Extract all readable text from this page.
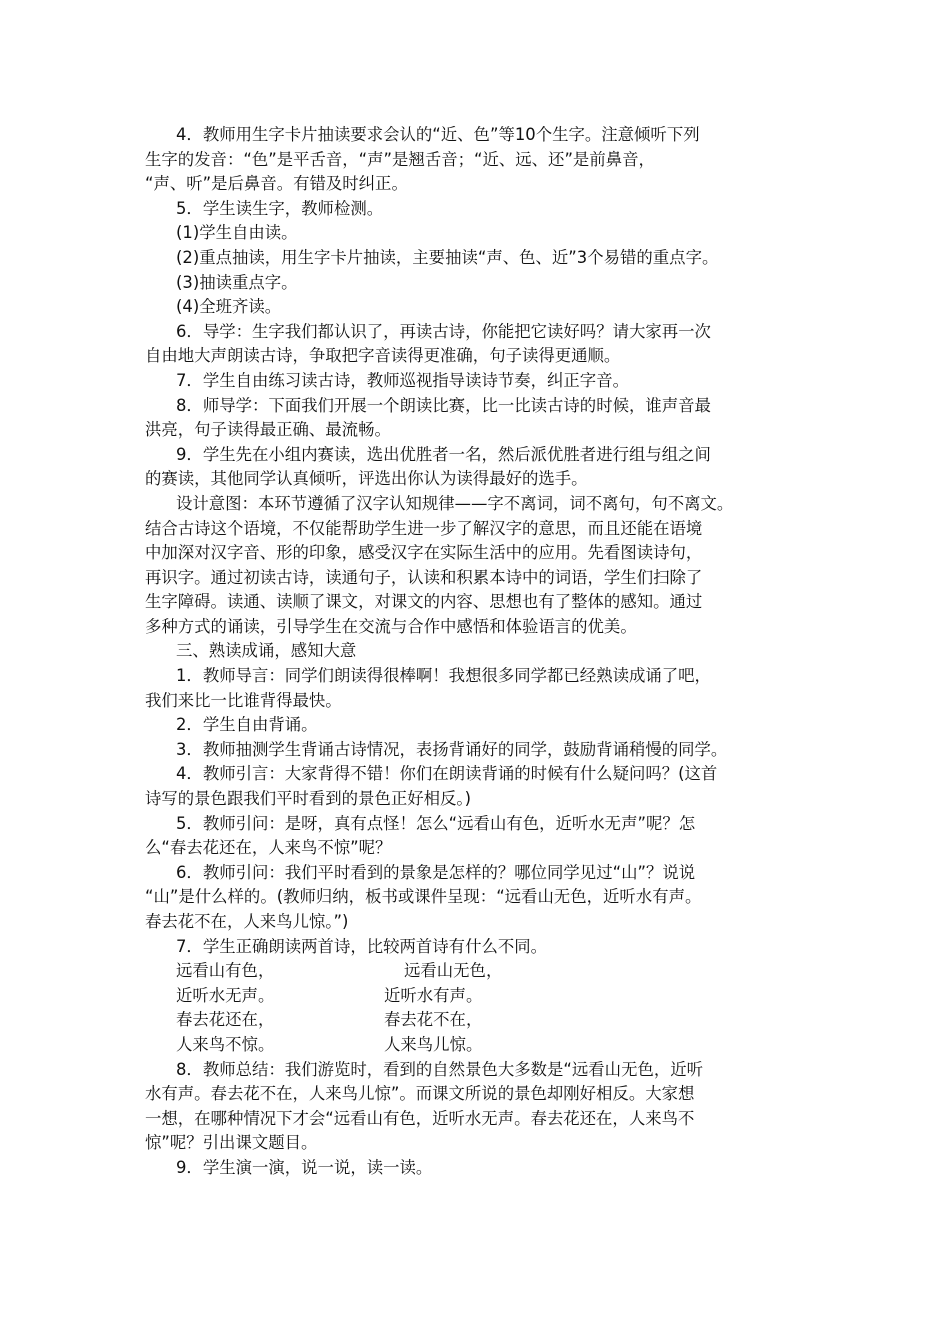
4．教师用生字卡片抽读要求会认的“近、色”等10个生字。注意倾听下列
生字的发音：“色”是平舌音，“声”是翘舌音；“近、远、还”是前鼻音，
“声、听”是后鼻音。有错及时纠正。
5．学生读生字，教师检测。
(1)学生自由读。
(2)重点抽读，用生字卡片抽读，主要抽读“声、色、近”3个易错的重点字。
(3)抽读重点字。
(4)全班齐读。
6．导学：生字我们都认识了，再读古诗，你能把它读好吗？请大家再一次
自由地大声朗读古诗，争取把字音读得更准确，句子读得更通顺。
7．学生自由练习读古诗，教师巡视指导读诗节奏，纠正字音。
8．师导学：下面我们开展一个朗读比赛，比一比读古诗的时候，谁声音最
洪亮，句子读得最正确、最流畅。
9．学生先在小组内赛读，选出优胜者一名，然后派优胜者进行组与组之间
的赛读，其他同学认真倾听，评选出你认为读得最好的选手。
设计意图：本环节遵循了汉字认知规律——字不离词，词不离句，句不离文。
结合古诗这个语境，不仅能帮助学生进一步了解汉字的意思，而且还能在语境
中加深对汉字音、形的印象，感受汉字在实际生活中的应用。先看图读诗句，
再识字。通过初读古诗，读通句子，认读和积累本诗中的词语，学生们扫除了
生字障碍。读通、读顺了课文，对课文的内容、思想也有了整体的感知。通过
多种方式的诵读，引导学生在交流与合作中感悟和体验语言的优美。
三、熟读成诵，感知大意
1．教师导言：同学们朗读得很棒啊！我想很多同学都已经熟读成诵了吧，
我们来比一比谁背得最快。
2．学生自由背诵。
3．教师抽测学生背诵古诗情况，表扬背诵好的同学，鼓励背诵稍慢的同学。
4．教师引言：大家背得不错！你们在朗读背诵的时候有什么疑问吗？(这首
诗写的景色跟我们平时看到的景色正好相反。)
5．教师引问：是呀，真有点怪！怎么“远看山有色，近听水无声”呢？怎
么“春去花还在，人来鸟不惊”呢？
6．教师引问：我们平时看到的景象是怎样的？哪位同学见过“山”？说说
“山”是什么样的。(教师归纳，板书或课件呈现：“远看山无色，近听水有声。
春去花不在，人来鸟儿惊。”)
7．学生正确朗读两首诗，比较两首诗有什么不同。
远看山有色，	远看山无色，
近听水无声。	近听水有声。
春去花还在，	春去花不在，
人来鸟不惊。	人来鸟儿惊。
8．教师总结：我们游览时，看到的自然景色大多数是“远看山无色，近听
水有声。春去花不在，人来鸟儿惊”。而课文所说的景色却刚好相反。大家想
一想，在哪种情况下才会“远看山有色，近听水无声。春去花还在，人来鸟不
惊”呢？引出课文题目。
9．学生演一演，说一说，读一读。
